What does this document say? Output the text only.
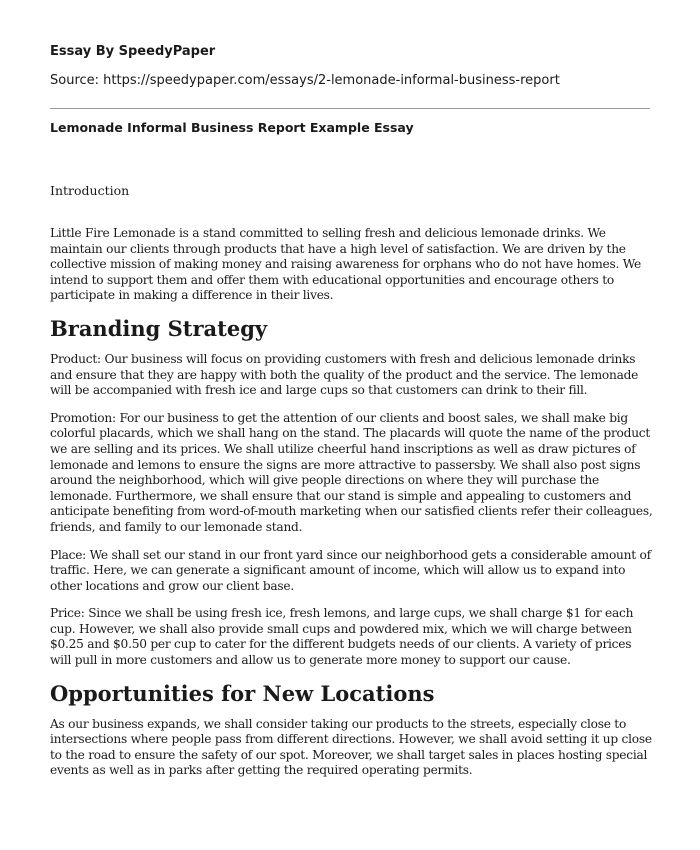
Essay By SpeedyPaper
Source: https://speedypaper.com/essays/2-lemonade-informal-business-report
Lemonade Informal Business Report Example Essay
Introduction

Little Fire Lemonade is a stand committed to selling fresh and delicious lemonade drinks. We maintain our clients through products that have a high level of satisfaction. We are driven by the collective mission of making money and raising awareness for orphans who do not have homes. We intend to support them and offer them with educational opportunities and encourage others to participate in making a difference in their lives.

Branding Strategy

Product: Our business will focus on providing customers with fresh and delicious lemonade drinks and ensure that they are happy with both the quality of the product and the service. The lemonade will be accompanied with fresh ice and large cups so that customers can drink to their fill.

Promotion: For our business to get the attention of our clients and boost sales, we shall make big colorful placards, which we shall hang on the stand. The placards will quote the name of the product we are selling and its prices. We shall utilize cheerful hand inscriptions as well as draw pictures of lemonade and lemons to ensure the signs are more attractive to passersby. We shall also post signs around the neighborhood, which will give people directions on where they will purchase the lemonade. Furthermore, we shall ensure that our stand is simple and appealing to customers and anticipate benefiting from word-of-mouth marketing when our satisfied clients refer their colleagues, friends, and family to our lemonade stand.

Place: We shall set our stand in our front yard since our neighborhood gets a considerable amount of traffic. Here, we can generate a significant amount of income, which will allow us to expand into other locations and grow our client base.

Price: Since we shall be using fresh ice, fresh lemons, and large cups, we shall charge $1 for each cup. However, we shall also provide small cups and powdered mix, which we will charge between $0.25 and $0.50 per cup to cater for the different budgets needs of our clients. A variety of prices will pull in more customers and allow us to generate more money to support our cause.

Opportunities for New Locations

As our business expands, we shall consider taking our products to the streets, especially close to intersections where people pass from different directions. However, we shall avoid setting it up close to the road to ensure the safety of our spot. Moreover, we shall target sales in places hosting special events as well as in parks after getting the required operating permits.
